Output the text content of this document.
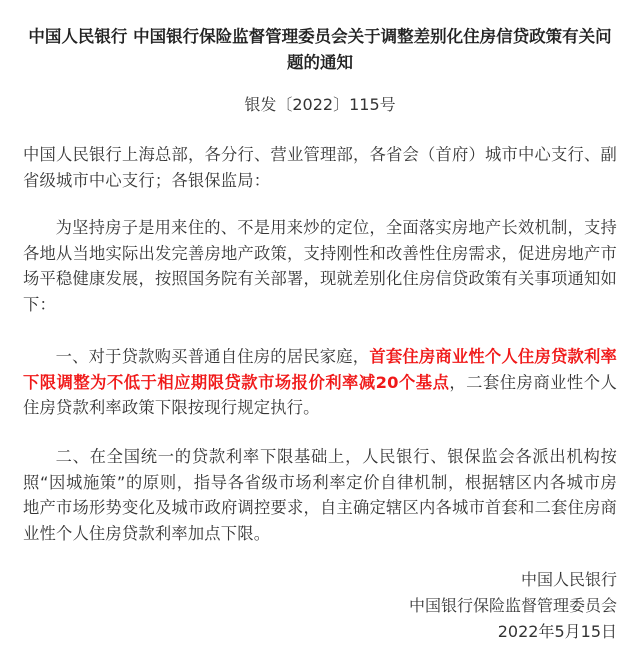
中国人民银行 中国银行保险监督管理委员会关于调整差别化住房信贷政策有关问题的通知
银发〔2022〕115号

中国人民银行上海总部，各分行、营业管理部，各省会（首府）城市中心支行、副省级城市中心支行；各银保监局：

为坚持房子是用来住的、不是用来炒的定位，全面落实房地产长效机制，支持各地从当地实际出发完善房地产政策，支持刚性和改善性住房需求，促进房地产市场平稳健康发展，按照国务院有关部署，现就差别化住房信贷政策有关事项通知如下：

一、对于贷款购买普通自住房的居民家庭，首套住房商业性个人住房贷款利率下限调整为不低于相应期限贷款市场报价利率减20个基点，二套住房商业性个人住房贷款利率政策下限按现行规定执行。

二、在全国统一的贷款利率下限基础上，人民银行、银保监会各派出机构按照“因城施策”的原则，指导各省级市场利率定价自律机制，根据辖区内各城市房地产市场形势变化及城市政府调控要求，自主确定辖区内各城市首套和二套住房商业性个人住房贷款利率加点下限。

中国人民银行
中国银行保险监督管理委员会
2022年5月15日
